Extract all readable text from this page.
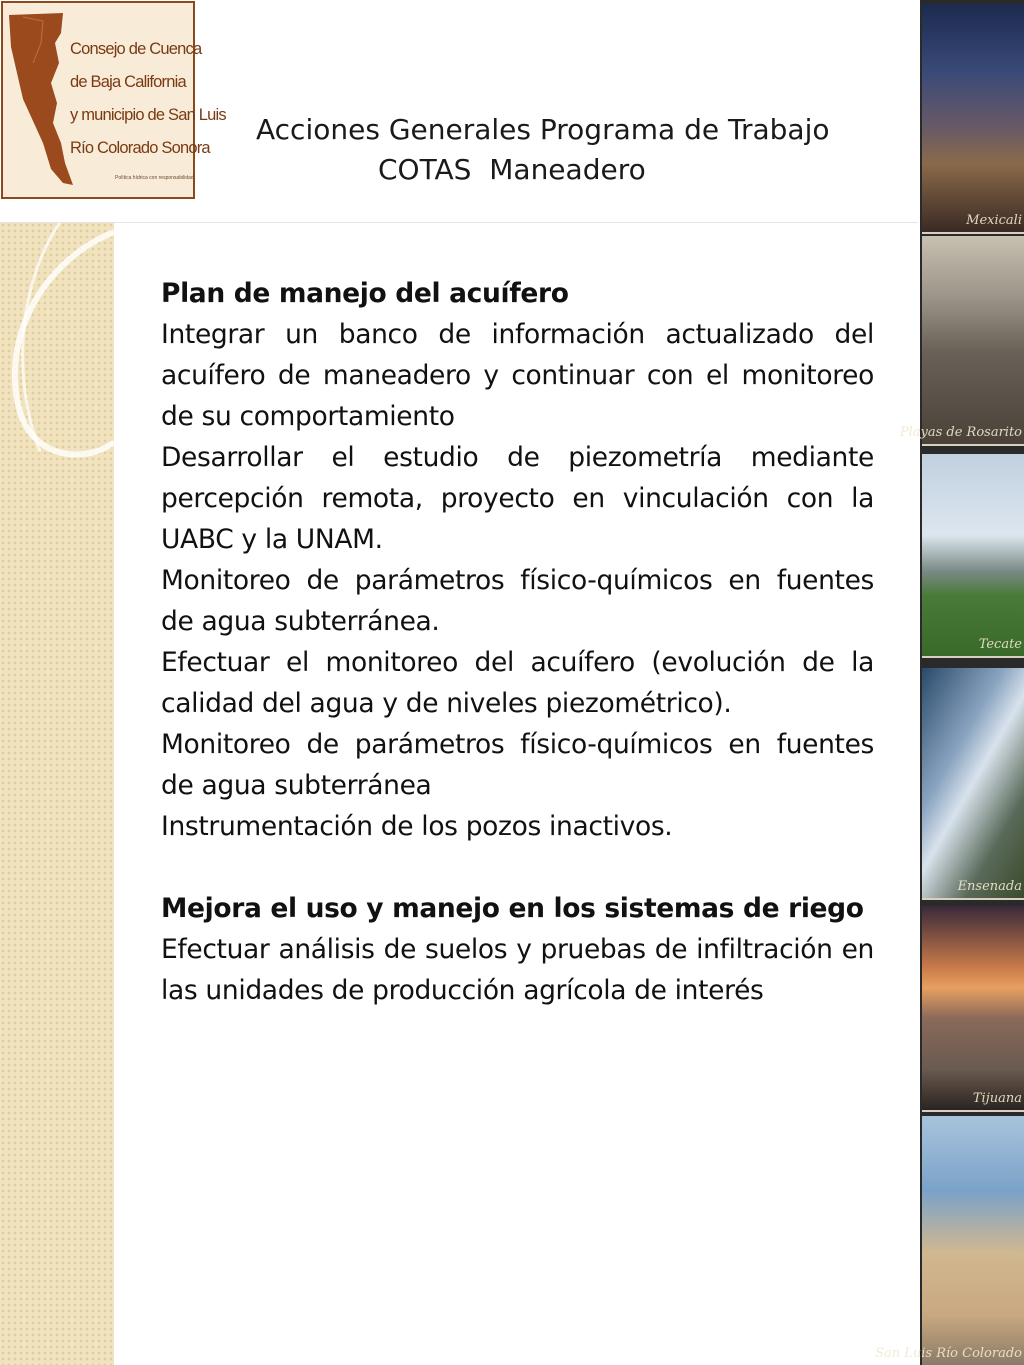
Consejo de Cuenca
de Baja California
y municipio de San Luis
Río Colorado Sonora
Política hídrica con responsabilidad
Acciones Generales Programa de Trabajo
COTAS  Maneadero
Mexicali
Playas de Rosarito
Tecate
Ensenada
Tijuana
San Luis Río Colorado

Plan de manejo del acuífero

Integrar un banco de información actualizado del acuífero de maneadero y continuar con el monitoreo de su comportamiento

Desarrollar el estudio de piezometría mediante percepción remota, proyecto en vinculación con la UABC y la UNAM.

Monitoreo de parámetros físico-químicos en fuentes de agua subterránea.

Efectuar el monitoreo del acuífero (evolución de la calidad del agua y de niveles piezométrico).

Monitoreo de parámetros físico-químicos en fuentes de agua subterránea

Instrumentación de los pozos inactivos.

Mejora el uso y manejo en los sistemas de riego

Efectuar análisis de suelos y pruebas de infiltración en las unidades de producción agrícola de interés
